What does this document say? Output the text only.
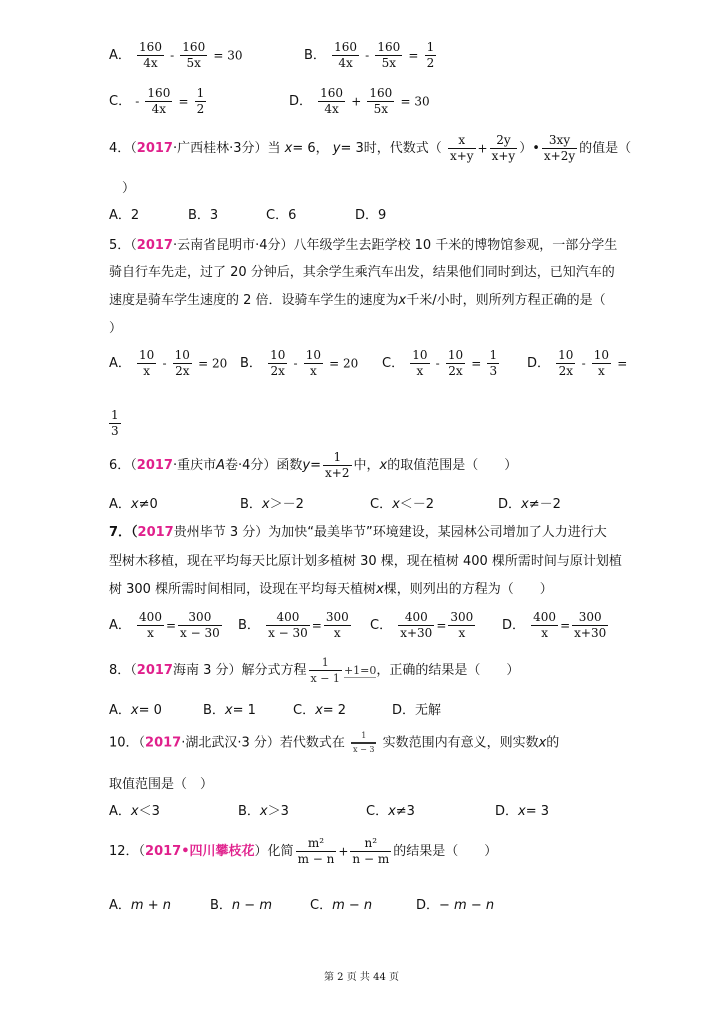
A． $\frac{160}{4x} - \frac{160}{5x} = 30$	B． $\frac{160}{4x} - \frac{160}{5x} = \frac{1}{2}$
C． - $\frac{160}{4x} = \frac{1}{2}$	D． $\frac{160}{4x} + \frac{160}{5x} = 30$
4．（2017·广西桂林·3分）当 x= 6， y= 3时，代数式（ $\frac{x}{x+y} + \frac{2y}{x+y}$ ）• $\frac{3xy}{x+2y}$ 的值是（
）
A．2	B．3	C．6	D．9
5．（2017·云南省昆明市·4分）八年级学生去距学校 10 千米的博物馆参观，一部分学生
骑自行车先走，过了 20 分钟后，其余学生乘汽车出发，结果他们同时到达，已知汽车的
速度是骑车学生速度的 2 倍．设骑车学生的速度为x千米/小时，则所列方程正确的是（
）
A． $\frac{10}{x} - \frac{10}{2x} = 20$ B． $\frac{10}{2x} - \frac{10}{x} = 20$ C． $\frac{10}{x} - \frac{10}{2x} = \frac{1}{3}$ D． $\frac{10}{2x} - \frac{10}{x}$ =
$\frac{1}{3}$
6．（2017·重庆市A卷·4分）函数$y= \frac{1}{x+2}$ 中，x的取值范围是（　　）
A．x≠0	B．x＞－2	C．x＜－2	D．x≠－2
7．（2017贵州毕节 3 分）为加快“最美毕节”环境建设，某园林公司增加了人力进行大
型树木移植，现在平均每天比原计划多植树 30 棵，现在植树 400 棵所需时间与原计划植
树 300 棵所需时间相同，设现在平均每天植树x棵，则列出的方程为（　　）
A． $\frac{400}{x} = \frac{300}{x - 30}$ B． $\frac{400}{x - 30} = \frac{300}{x}$ C． $\frac{400}{x+30} = \frac{300}{x}$ D． $\frac{400}{x} = \frac{300}{x+30}$
8．（2017海南 3 分）解分式方程 $\frac{1}{x - 1} +1=0$，正确的结果是（　　）
A．x= 0	B．x= 1	C．x= 2	D．无解
10．（2017·湖北武汉·3 分）若代数式在 $\frac{1}{x - 3}$ 实数范围内有意义，则实数x的
取值范围是（　）
A．x＜3	B．x＞3	C．x≠3	D．x= 3
12．（2017•四川攀枝花）化简 $\frac{\text{m²}}{m - n} + \frac{\text{n²}}{n - m}$ 的结果是（　　）
A．m + n	B．n − m	C．m − n	D．− m − n
第 2 页 共 44 页
